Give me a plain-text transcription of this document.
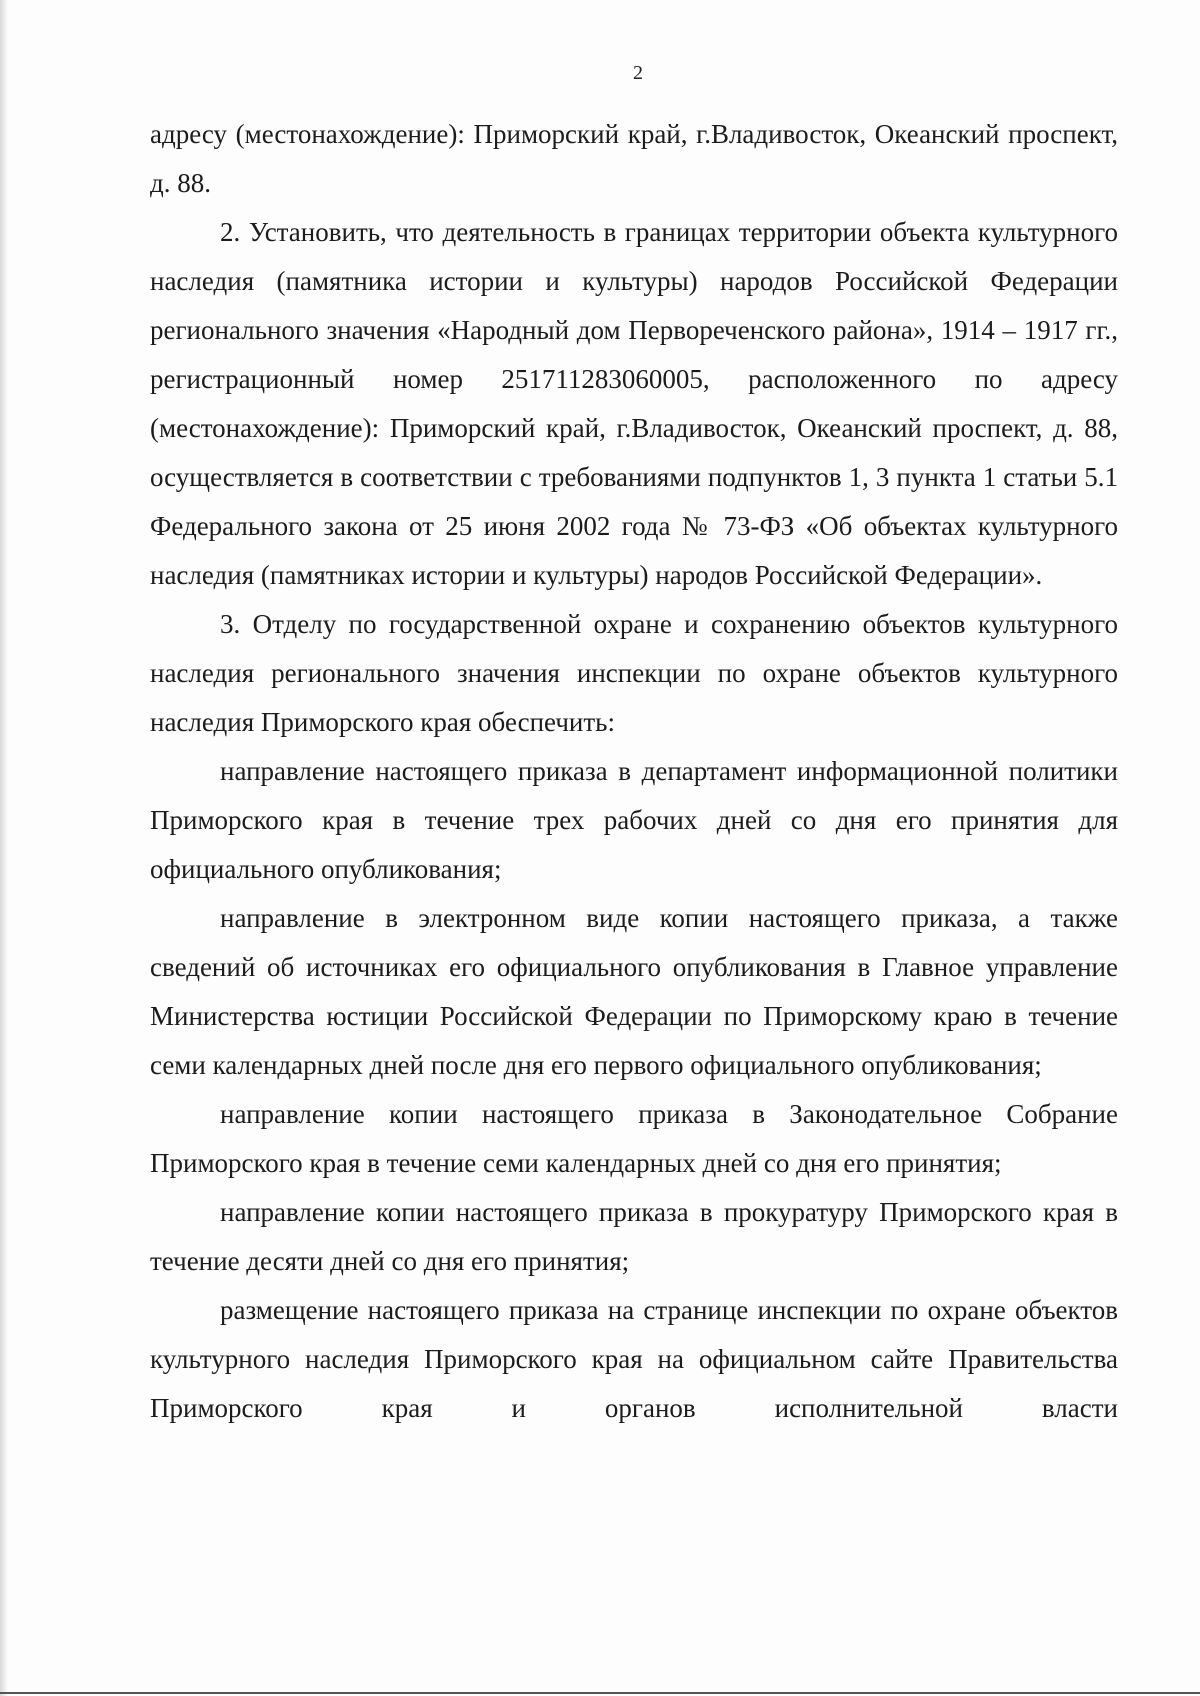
2

адресу (местонахождение): Приморский край, г.Владивосток, Океанский проспект, д. 88.

2. Установить, что деятельность в границах территории объекта культурного наследия (памятника истории и культуры) народов Российской Федерации регионального значения «Народный дом Первореченского района», 1914 – 1917 гг., регистрационный номер 251711283060005, расположенного по адресу (местонахождение): Приморский край, г.Владивосток, Океанский проспект, д. 88, осуществляется в соответствии с требованиями подпунктов 1, 3 пункта 1 статьи 5.1 Федерального закона от 25 июня 2002 года № 73-ФЗ «Об объектах культурного наследия (памятниках истории и культуры) народов Российской Федерации».

3. Отделу по государственной охране и сохранению объектов культурного наследия регионального значения инспекции по охране объектов культурного наследия Приморского края обеспечить:

направление настоящего приказа в департамент информационной политики Приморского края в течение трех рабочих дней со дня его принятия для официального опубликования;

направление в электронном виде копии настоящего приказа, а также сведений об источниках его официального опубликования в Главное управление Министерства юстиции Российской Федерации по Приморскому краю в течение семи календарных дней после дня его первого официального опубликования;

направление копии настоящего приказа в Законодательное Собрание Приморского края в течение семи календарных дней со дня его принятия;

направление копии настоящего приказа в прокуратуру Приморского края в течение десяти дней со дня его принятия;

размещение настоящего приказа на странице инспекции по охране объектов культурного наследия Приморского края на официальном сайте Правительства Приморского края и органов исполнительной власти
